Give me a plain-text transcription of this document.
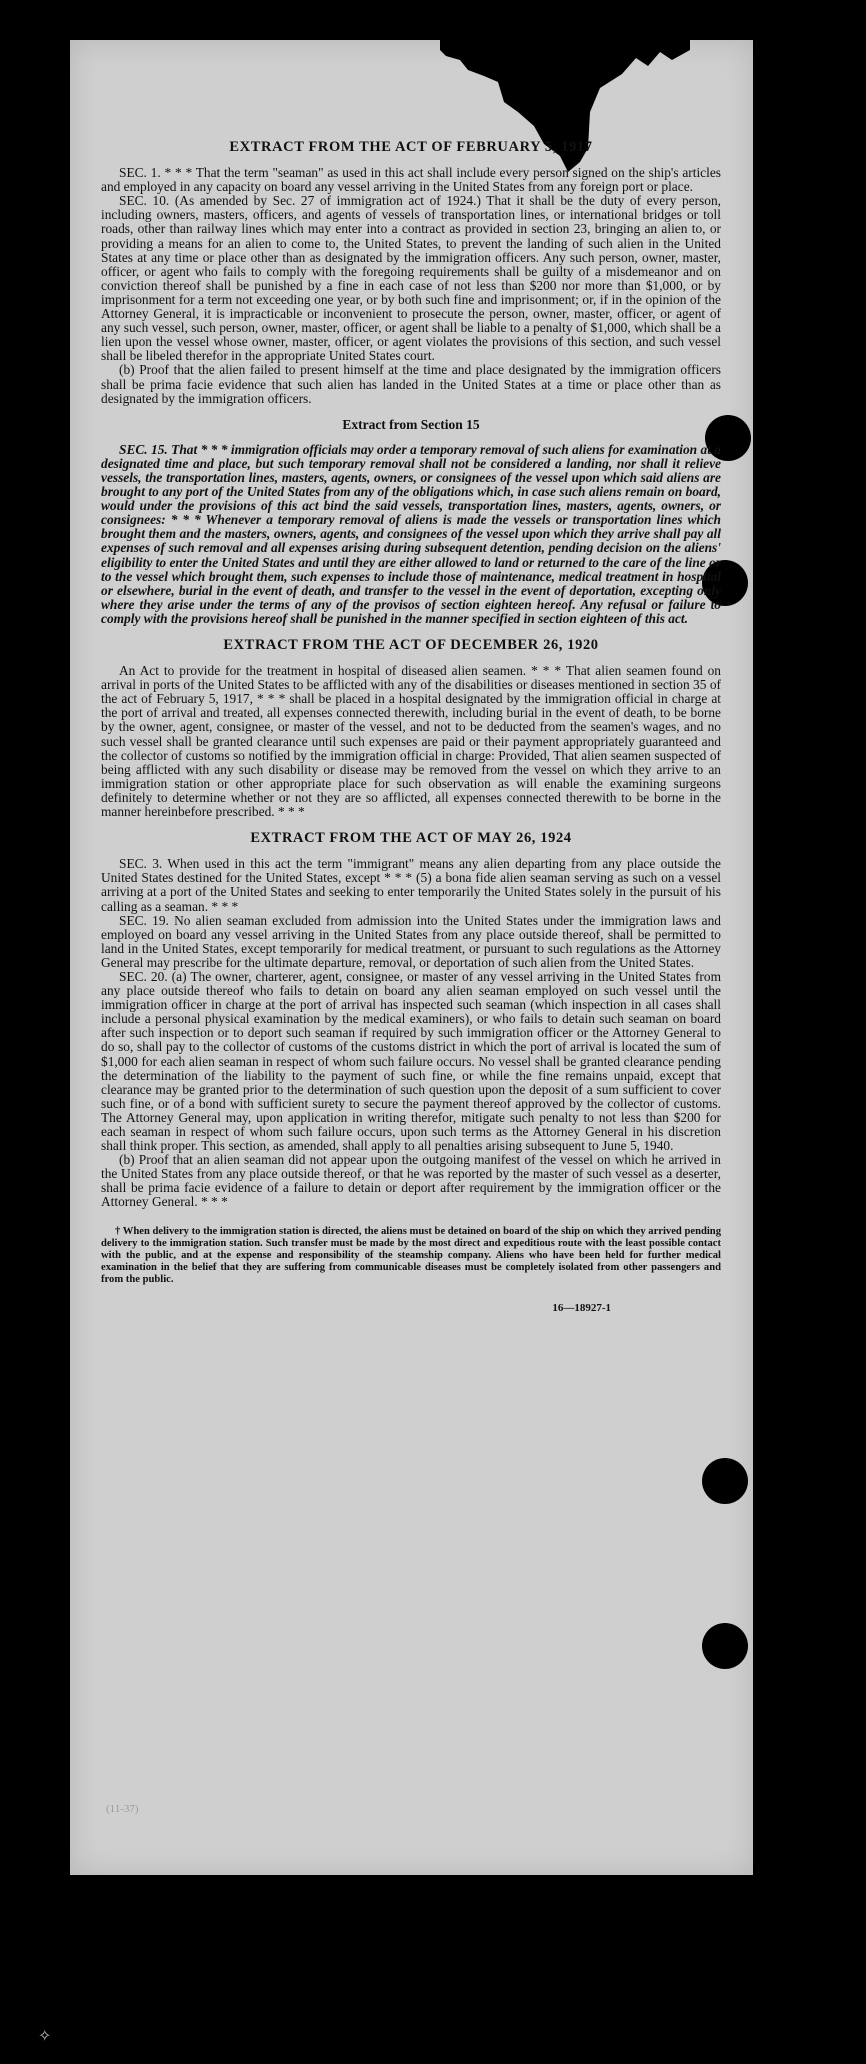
EXTRACT FROM THE ACT OF FEBRUARY 5, 1917

SEC. 1. * * * That the term "seaman" as used in this act shall include every person signed on the ship's articles and employed in any capacity on board any vessel arriving in the United States from any foreign port or place.

SEC. 10. (As amended by Sec. 27 of immigration act of 1924.) That it shall be the duty of every person, including owners, masters, officers, and agents of vessels of transportation lines, or international bridges or toll roads, other than railway lines which may enter into a contract as provided in section 23, bringing an alien to, or providing a means for an alien to come to, the United States, to prevent the landing of such alien in the United States at any time or place other than as designated by the immigration officers. Any such person, owner, master, officer, or agent who fails to comply with the foregoing requirements shall be guilty of a misdemeanor and on conviction thereof shall be punished by a fine in each case of not less than $200 nor more than $1,000, or by imprisonment for a term not exceeding one year, or by both such fine and imprisonment; or, if in the opinion of the Attorney General, it is impracticable or inconvenient to prosecute the person, owner, master, officer, or agent of any such vessel, such person, owner, master, officer, or agent shall be liable to a penalty of $1,000, which shall be a lien upon the vessel whose owner, master, officer, or agent violates the provisions of this section, and such vessel shall be libeled therefor in the appropriate United States court.

(b) Proof that the alien failed to present himself at the time and place designated by the immigration officers shall be prima facie evidence that such alien has landed in the United States at a time or place other than as designated by the immigration officers.

Extract from Section 15

SEC. 15. That * * * immigration officials may order a temporary removal of such aliens for examination at a designated time and place, but such temporary removal shall not be considered a landing, nor shall it relieve vessels, the transportation lines, masters, agents, owners, or consignees of the vessel upon which said aliens are brought to any port of the United States from any of the obligations which, in case such aliens remain on board, would under the provisions of this act bind the said vessels, transportation lines, masters, agents, owners, or consignees: * * * Whenever a temporary removal of aliens is made the vessels or transportation lines which brought them and the masters, owners, agents, and consignees of the vessel upon which they arrive shall pay all expenses of such removal and all expenses arising during subsequent detention, pending decision on the aliens' eligibility to enter the United States and until they are either allowed to land or returned to the care of the line or to the vessel which brought them, such expenses to include those of maintenance, medical treatment in hospital or elsewhere, burial in the event of death, and transfer to the vessel in the event of deportation, excepting only where they arise under the terms of any of the provisos of section eighteen hereof. Any refusal or failure to comply with the provisions hereof shall be punished in the manner specified in section eighteen of this act.

EXTRACT FROM THE ACT OF DECEMBER 26, 1920

An Act to provide for the treatment in hospital of diseased alien seamen. * * * That alien seamen found on arrival in ports of the United States to be afflicted with any of the disabilities or diseases mentioned in section 35 of the act of February 5, 1917, * * * shall be placed in a hospital designated by the immigration official in charge at the port of arrival and treated, all expenses connected therewith, including burial in the event of death, to be borne by the owner, agent, consignee, or master of the vessel, and not to be deducted from the seamen's wages, and no such vessel shall be granted clearance until such expenses are paid or their payment appropriately guaranteed and the collector of customs so notified by the immigration official in charge: Provided, That alien seamen suspected of being afflicted with any such disability or disease may be removed from the vessel on which they arrive to an immigration station or other appropriate place for such observation as will enable the examining surgeons definitely to determine whether or not they are so afflicted, all expenses connected therewith to be borne in the manner hereinbefore prescribed. * * *

EXTRACT FROM THE ACT OF MAY 26, 1924

SEC. 3. When used in this act the term "immigrant" means any alien departing from any place outside the United States destined for the United States, except * * * (5) a bona fide alien seaman serving as such on a vessel arriving at a port of the United States and seeking to enter temporarily the United States solely in the pursuit of his calling as a seaman. * * *

SEC. 19. No alien seaman excluded from admission into the United States under the immigration laws and employed on board any vessel arriving in the United States from any place outside thereof, shall be permitted to land in the United States, except temporarily for medical treatment, or pursuant to such regulations as the Attorney General may prescribe for the ultimate departure, removal, or deportation of such alien from the United States.

SEC. 20. (a) The owner, charterer, agent, consignee, or master of any vessel arriving in the United States from any place outside thereof who fails to detain on board any alien seaman employed on such vessel until the immigration officer in charge at the port of arrival has inspected such seaman (which inspection in all cases shall include a personal physical examination by the medical examiners), or who fails to detain such seaman on board after such inspection or to deport such seaman if required by such immigration officer or the Attorney General to do so, shall pay to the collector of customs of the customs district in which the port of arrival is located the sum of $1,000 for each alien seaman in respect of whom such failure occurs. No vessel shall be granted clearance pending the determination of the liability to the payment of such fine, or while the fine remains unpaid, except that clearance may be granted prior to the determination of such question upon the deposit of a sum sufficient to cover such fine, or of a bond with sufficient surety to secure the payment thereof approved by the collector of customs. The Attorney General may, upon application in writing therefor, mitigate such penalty to not less than $200 for each seaman in respect of whom such failure occurs, upon such terms as the Attorney General in his discretion shall think proper. This section, as amended, shall apply to all penalties arising subsequent to June 5, 1940.

(b) Proof that an alien seaman did not appear upon the outgoing manifest of the vessel on which he arrived in the United States from any place outside thereof, or that he was reported by the master of such vessel as a deserter, shall be prima facie evidence of a failure to detain or deport after requirement by the immigration officer or the Attorney General. * * *

† When delivery to the immigration station is directed, the aliens must be detained on board of the ship on which they arrived pending delivery to the immigration station. Such transfer must be made by the most direct and expeditious route with the least possible contact with the public, and at the expense and responsibility of the steamship company. Aliens who have been held for further medical examination in the belief that they are suffering from communicable diseases must be completely isolated from other passengers and from the public.

16—18927-1
(11-37)
✧
